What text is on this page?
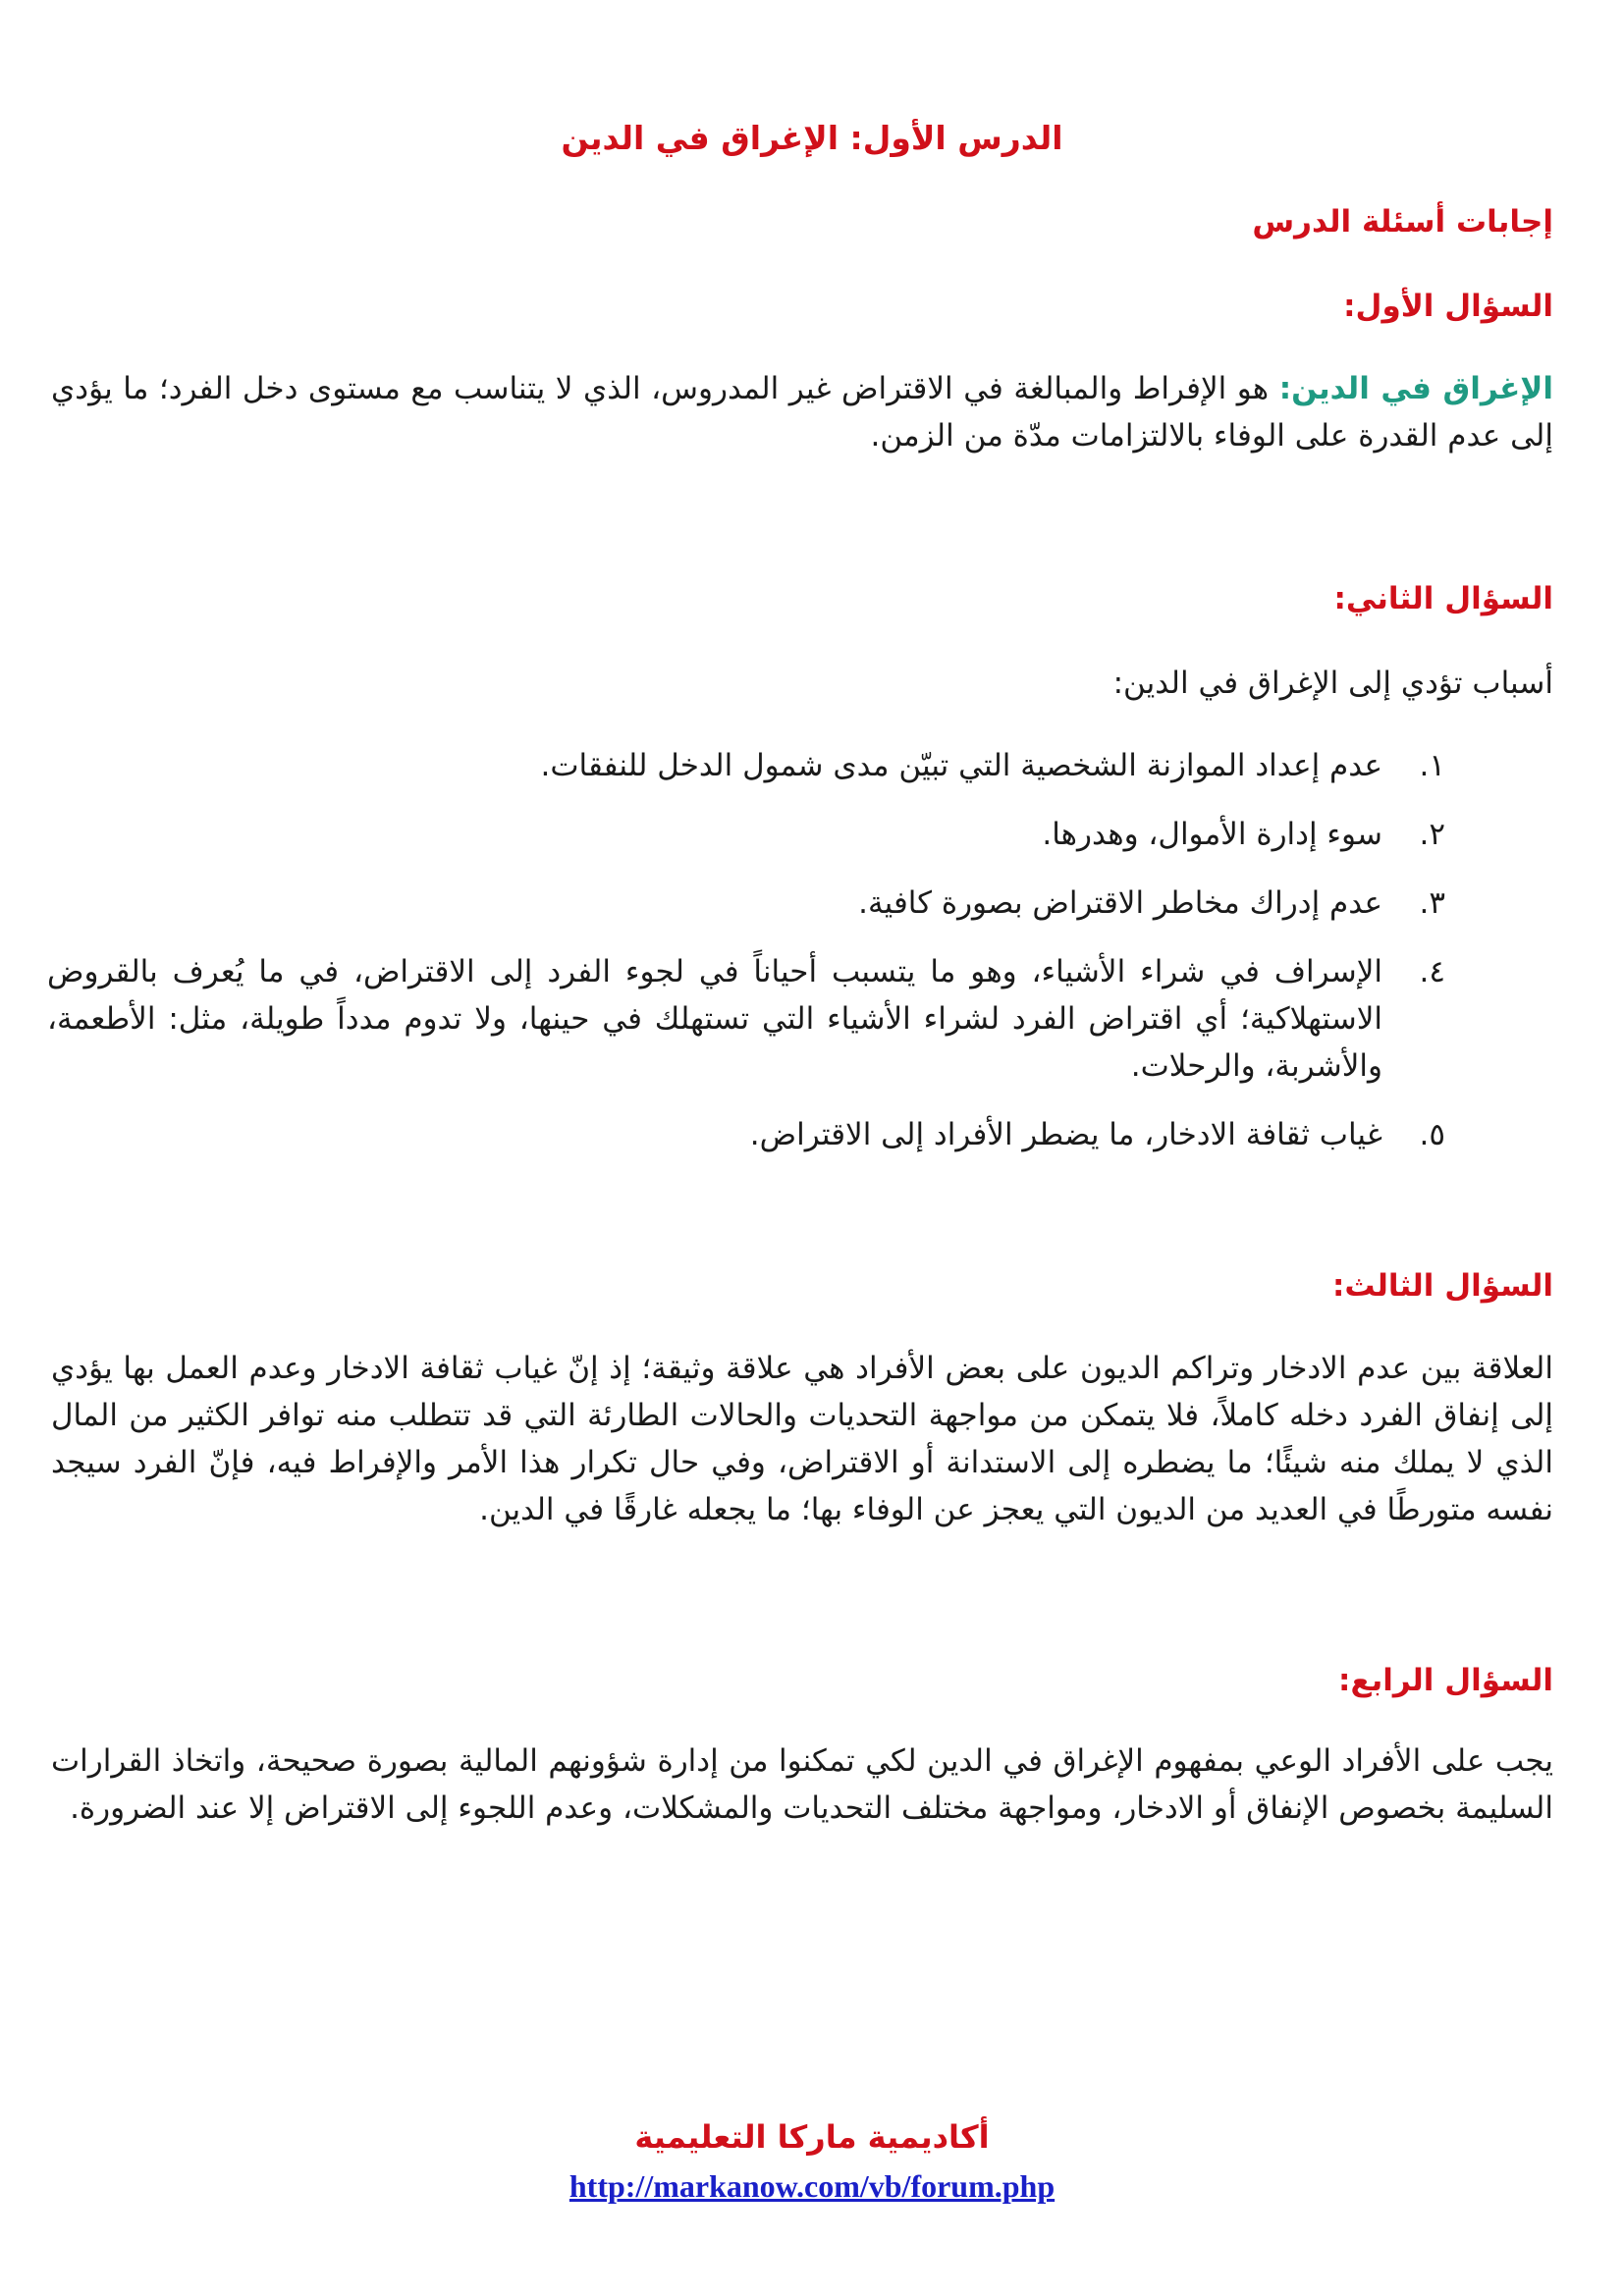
الدرس الأول: الإغراق في الدين
إجابات أسئلة الدرس
السؤال الأول:
الإغراق في الدين: هو الإفراط والمبالغة في الاقتراض غير المدروس، الذي لا يتناسب مع مستوى دخل الفرد؛ ما يؤدي إلى عدم القدرة على الوفاء بالالتزامات مدّة من الزمن.
السؤال الثاني:
أسباب تؤدي إلى الإغراق في الدين:
١.
عدم إعداد الموازنة الشخصية التي تبيّن مدى شمول الدخل للنفقات.
٢.
سوء إدارة الأموال، وهدرها.
٣.
عدم إدراك مخاطر الاقتراض بصورة كافية.
٤.
الإسراف في شراء الأشياء، وهو ما يتسبب أحياناً في لجوء الفرد إلى الاقتراض، في ما يُعرف بالقروض الاستهلاكية؛ أي اقتراض الفرد لشراء الأشياء التي تستهلك في حينها، ولا تدوم مدداً طويلة، مثل: الأطعمة، والأشربة، والرحلات.
٥.
غياب ثقافة الادخار، ما يضطر الأفراد إلى الاقتراض.
السؤال الثالث:
العلاقة بين عدم الادخار وتراكم الديون على بعض الأفراد هي علاقة وثيقة؛ إذ إنّ غياب ثقافة الادخار وعدم العمل بها يؤدي إلى إنفاق الفرد دخله كاملاً، فلا يتمكن من مواجهة التحديات والحالات الطارئة التي قد تتطلب منه توافر الكثير من المال الذي لا يملك منه شيئًا؛ ما يضطره إلى الاستدانة أو الاقتراض، وفي حال تكرار هذا الأمر والإفراط فيه، فإنّ الفرد سيجد نفسه متورطًا في العديد من الديون التي يعجز عن الوفاء بها؛ ما يجعله غارقًا في الدين.
السؤال الرابع:
يجب على الأفراد الوعي بمفهوم الإغراق في الدين لكي تمكنوا من إدارة شؤونهم المالية بصورة صحيحة، واتخاذ القرارات السليمة بخصوص الإنفاق أو الادخار، ومواجهة مختلف التحديات والمشكلات، وعدم اللجوء إلى الاقتراض إلا عند الضرورة.
أكاديمية ماركا التعليمية
http://markanow.com/vb/forum.php
